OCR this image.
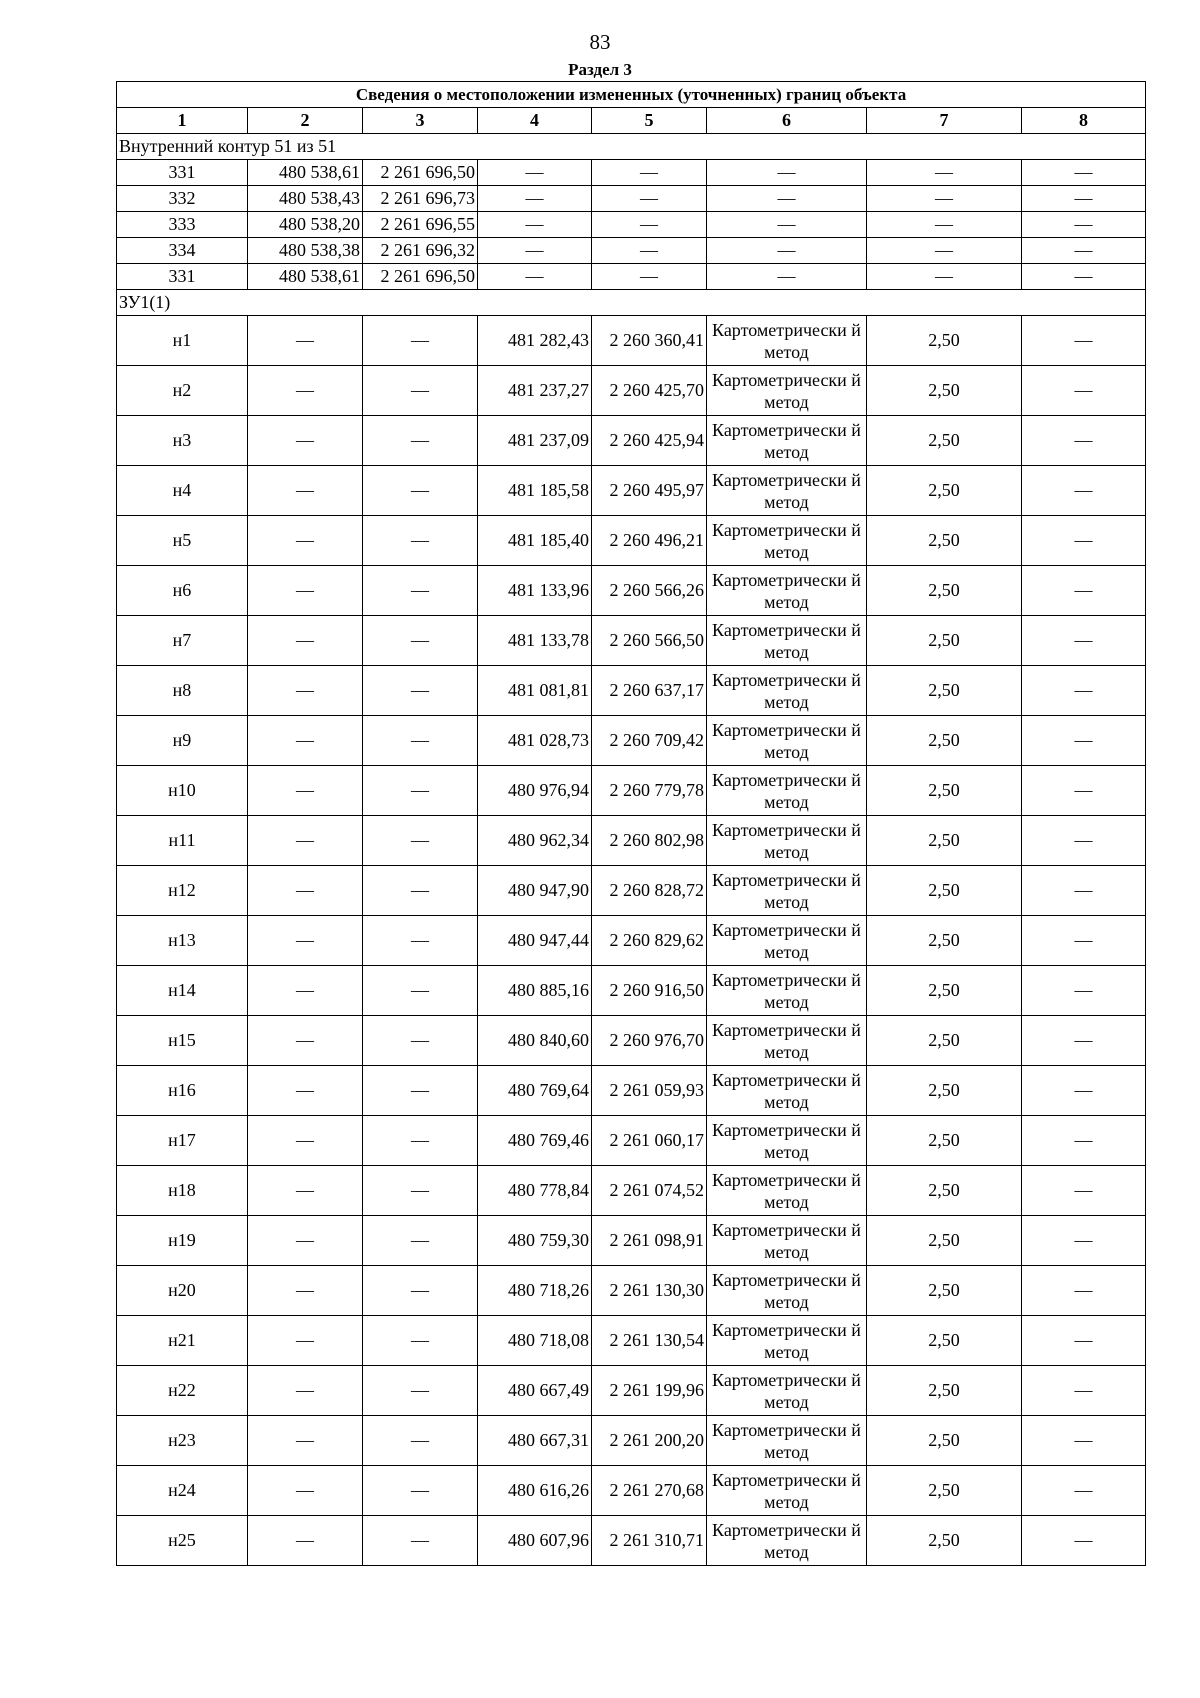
83
Раздел 3
Сведения о местоположении измененных (уточненных) границ объекта							
1	2	3	4	5	6	7	8
Внутренний контур 51 из 51							
331	480 538,61	2 261 696,50	—	—	—	—	—
332	480 538,43	2 261 696,73	—	—	—	—	—
333	480 538,20	2 261 696,55	—	—	—	—	—
334	480 538,38	2 261 696,32	—	—	—	—	—
331	480 538,61	2 261 696,50	—	—	—	—	—
ЗУ1(1)							
н1	—	—	481 282,43	2 260 360,41	Картометрически й метод	2,50	—
н2	—	—	481 237,27	2 260 425,70	Картометрически й метод	2,50	—
н3	—	—	481 237,09	2 260 425,94	Картометрически й метод	2,50	—
н4	—	—	481 185,58	2 260 495,97	Картометрически й метод	2,50	—
н5	—	—	481 185,40	2 260 496,21	Картометрически й метод	2,50	—
н6	—	—	481 133,96	2 260 566,26	Картометрически й метод	2,50	—
н7	—	—	481 133,78	2 260 566,50	Картометрически й метод	2,50	—
н8	—	—	481 081,81	2 260 637,17	Картометрически й метод	2,50	—
н9	—	—	481 028,73	2 260 709,42	Картометрически й метод	2,50	—
н10	—	—	480 976,94	2 260 779,78	Картометрически й метод	2,50	—
н11	—	—	480 962,34	2 260 802,98	Картометрически й метод	2,50	—
н12	—	—	480 947,90	2 260 828,72	Картометрически й метод	2,50	—
н13	—	—	480 947,44	2 260 829,62	Картометрически й метод	2,50	—
н14	—	—	480 885,16	2 260 916,50	Картометрически й метод	2,50	—
н15	—	—	480 840,60	2 260 976,70	Картометрически й метод	2,50	—
н16	—	—	480 769,64	2 261 059,93	Картометрически й метод	2,50	—
н17	—	—	480 769,46	2 261 060,17	Картометрически й метод	2,50	—
н18	—	—	480 778,84	2 261 074,52	Картометрически й метод	2,50	—
н19	—	—	480 759,30	2 261 098,91	Картометрически й метод	2,50	—
н20	—	—	480 718,26	2 261 130,30	Картометрически й метод	2,50	—
н21	—	—	480 718,08	2 261 130,54	Картометрически й метод	2,50	—
н22	—	—	480 667,49	2 261 199,96	Картометрически й метод	2,50	—
н23	—	—	480 667,31	2 261 200,20	Картометрически й метод	2,50	—
н24	—	—	480 616,26	2 261 270,68	Картометрически й метод	2,50	—
н25	—	—	480 607,96	2 261 310,71	Картометрически й метод	2,50	—
